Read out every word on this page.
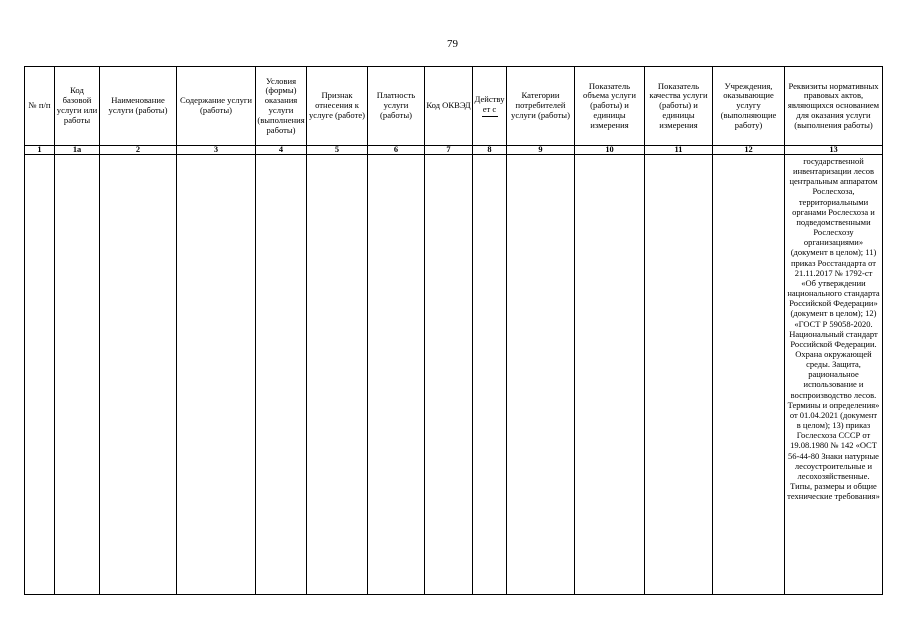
79
№ п/п	Код базовой услуги или работы	Наименование услуги (работы)	Содержание услуги (работы)	Условия (формы) оказания услуги (выполнения работы)	Признак отнесения к услуге (работе)	Платность услуги (работы)	Код ОКВЭД	Действует с	Категории потребителей услуги (работы)	Показатель объема услуги (работы) и единицы измерения	Показатель качества услуги (работы) и единицы измерения	Учреждения, оказывающие услугу (выполняющие работу)	Реквизиты нормативных правовых актов, являющихся основанием для оказания услуги (выполнения работы)
1	1а	2	3	4	5	6	7	8	9	10	11	12	13
													государственной инвентаризации лесов центральным аппаратом Рослесхоза, территориальными органами Рослесхоза и подведомственными Рослесхозу организациями» (документ в целом); 11) приказ Росстандарта от 21.11.2017 № 1792-ст «Об утверждении национального стандарта Российской Федерации» (документ в целом); 12) «ГОСТ Р 59058-2020. Национальный стандарт Российской Федерации. Охрана окружающей среды. Защита, рациональное использование и воспроизводство лесов. Термины и определения» от 01.04.2021 (документ в целом); 13) приказ Гослесхоза СССР от 19.08.1980 № 142 «ОСТ 56-44-80 Знаки натурные лесоустроительные и лесохозяйственные. Типы, размеры и общие технические требования»
